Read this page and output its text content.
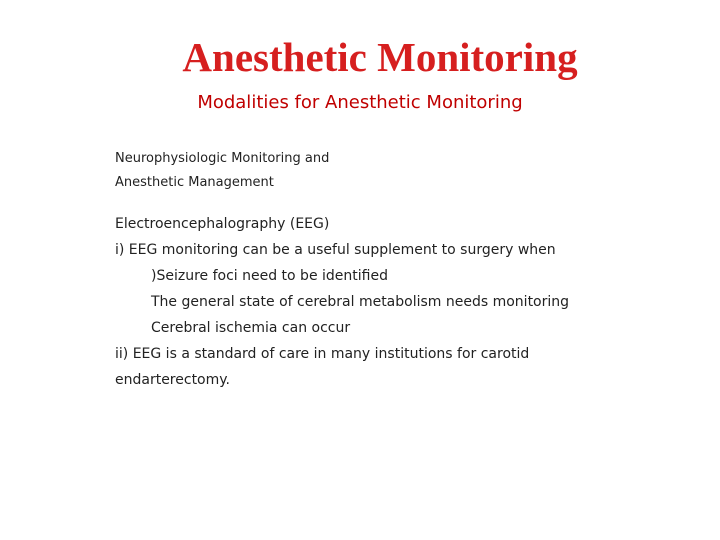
Anesthetic Monitoring
Modalities for Anesthetic Monitoring
Neurophysiologic Monitoring and
Anesthetic Management
Electroencephalography (EEG)
i) EEG monitoring can be a useful supplement to surgery when
)Seizure foci need to be identified
The general state of cerebral metabolism needs monitoring
Cerebral ischemia can occur
ii) EEG is a standard of care in many institutions for carotid
endarterectomy.
